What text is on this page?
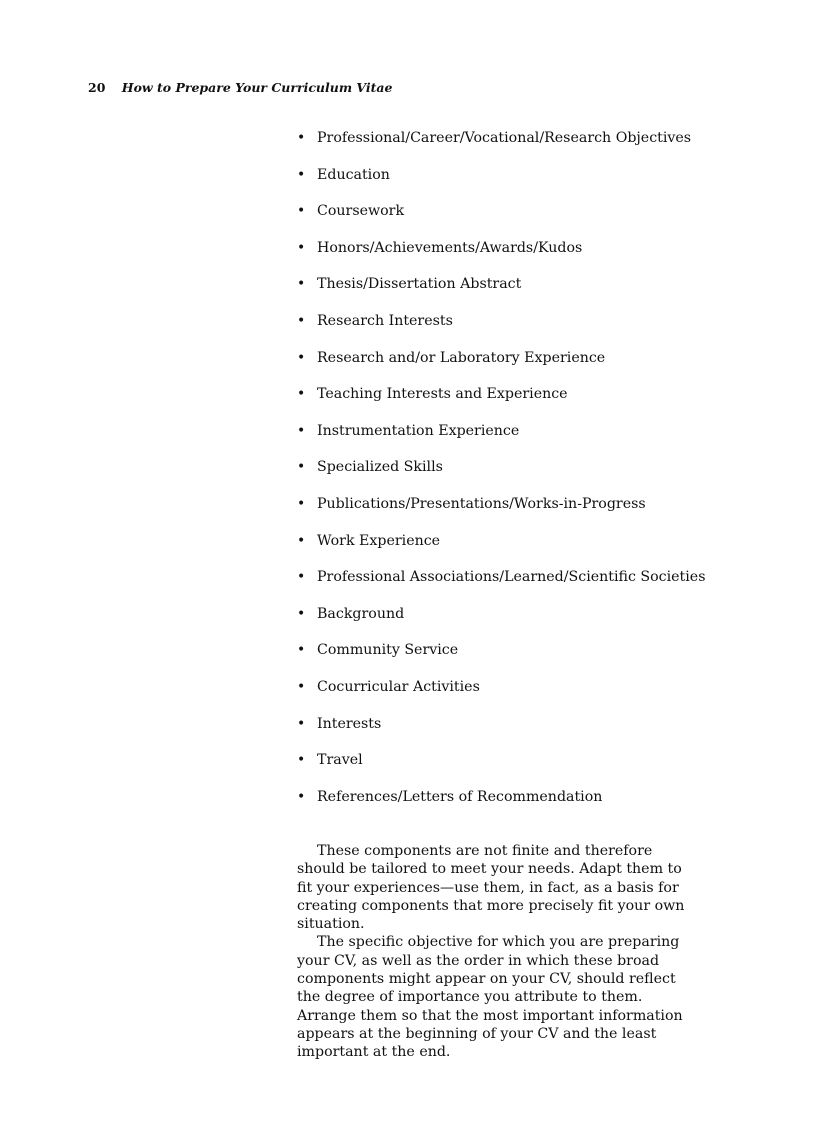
20 How to Prepare Your Curriculum Vitae
• Professional/Career/Vocational/Research Objectives
• Education
• Coursework
• Honors/Achievements/Awards/Kudos
• Thesis/Dissertation Abstract
• Research Interests
• Research and/or Laboratory Experience
• Teaching Interests and Experience
• Instrumentation Experience
• Specialized Skills
• Publications/Presentations/Works-in-Progress
• Work Experience
• Professional Associations/Learned/Scientific Societies
• Background
• Community Service
• Cocurricular Activities
• Interests
• Travel
• References/Letters of Recommendation

These components are not finite and therefore should be tailored to meet your needs. Adapt them to fit your experiences—use them, in fact, as a basis for creating components that more precisely fit your own situation.

The specific objective for which you are preparing your CV, as well as the order in which these broad components might appear on your CV, should reflect the degree of importance you attribute to them. Arrange them so that the most important information appears at the beginning of your CV and the least important at the end.
